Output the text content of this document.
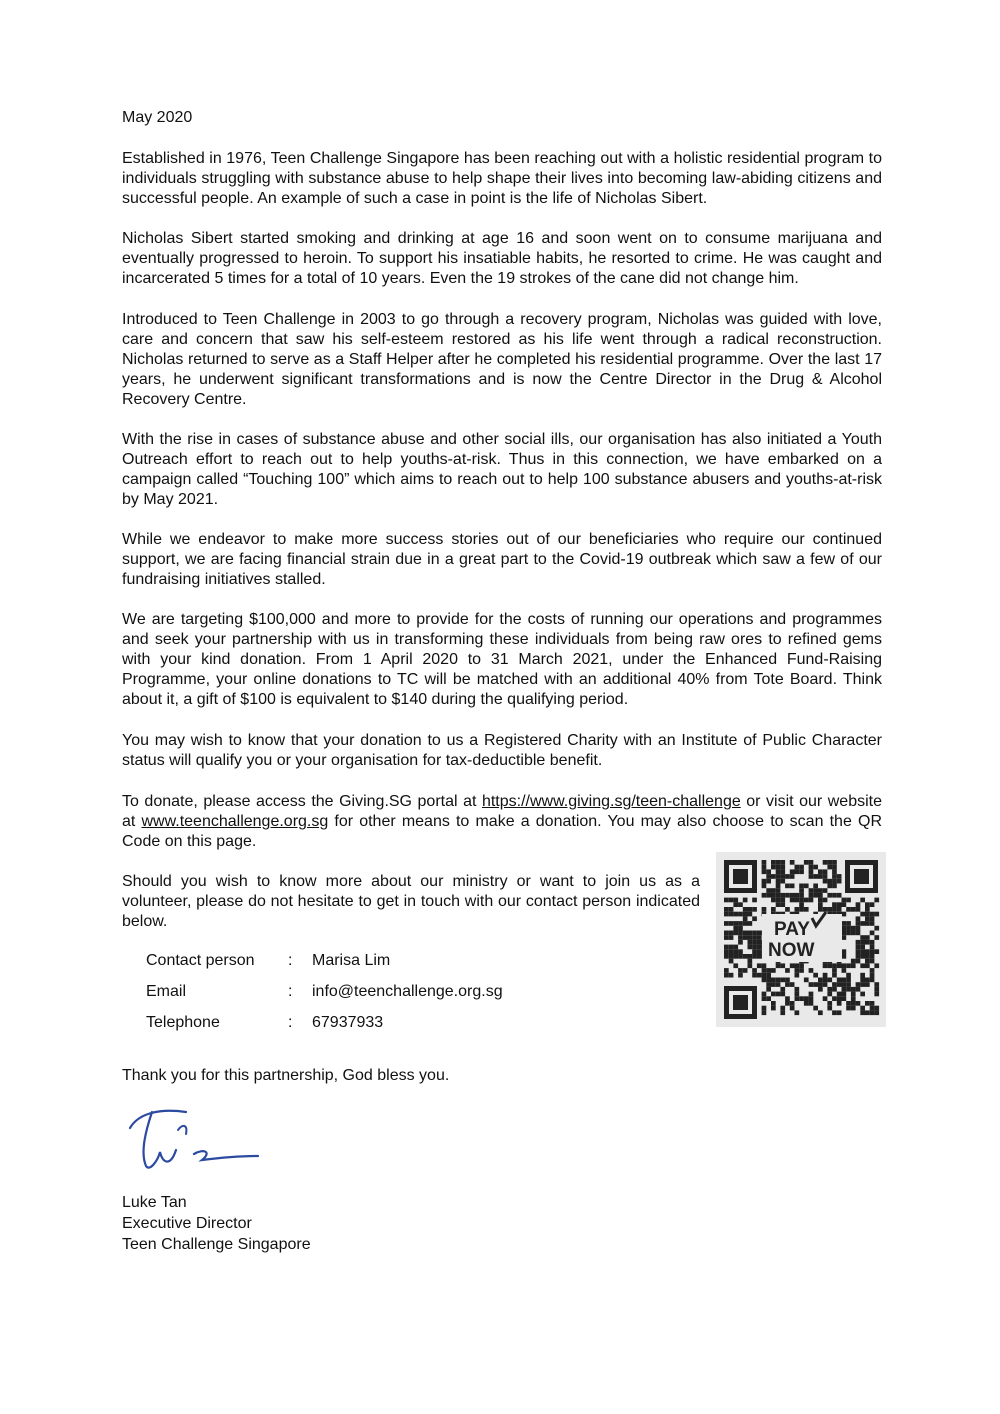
May 2020

Established in 1976, Teen Challenge Singapore has been reaching out with a holistic residential program to individuals struggling with substance abuse to help shape their lives into becoming law-abiding citizens and successful people. An example of such a case in point is the life of Nicholas Sibert.

Nicholas Sibert started smoking and drinking at age 16 and soon went on to consume marijuana and eventually progressed to heroin. To support his insatiable habits, he resorted to crime. He was caught and incarcerated 5 times for a total of 10 years. Even the 19 strokes of the cane did not change him.

Introduced to Teen Challenge in 2003 to go through a recovery program, Nicholas was guided with love, care and concern that saw his self-esteem restored as his life went through a radical reconstruction. Nicholas returned to serve as a Staff Helper after he completed his residential programme. Over the last 17 years, he underwent significant transformations and is now the Centre Director in the Drug & Alcohol Recovery Centre.

With the rise in cases of substance abuse and other social ills, our organisation has also initiated a Youth Outreach effort to reach out to help youths-at-risk. Thus in this connection, we have embarked on a campaign called “Touching 100” which aims to reach out to help 100 substance abusers and youths-at-risk by May 2021.

While we endeavor to make more success stories out of our beneficiaries who require our continued support, we are facing financial strain due in a great part to the Covid-19 outbreak which saw a few of our fundraising initiatives stalled.

We are targeting $100,000 and more to provide for the costs of running our operations and programmes and seek your partnership with us in transforming these individuals from being raw ores to refined gems with your kind donation. From 1 April 2020 to 31 March 2021, under the Enhanced Fund-Raising Programme, your online donations to TC will be matched with an additional 40% from Tote Board. Think about it, a gift of $100 is equivalent to $140 during the qualifying period.

You may wish to know that your donation to us a Registered Charity with an Institute of Public Character status will qualify you or your organisation for tax-deductible benefit.

To donate, please access the Giving.SG portal at https://www.giving.sg/teen-challenge or visit our website at www.teenchallenge.org.sg for other means to make a donation. You may also choose to scan the QR Code on this page.

Should you wish to know more about our ministry or want to join us as a volunteer, please do not hesitate to get in touch with our contact person indicated below.

Contact person	: Marisa Lim
Email	: info@teenchallenge.org.sg
Telephone	: 67937933
PAY
NOW
Thank you for this partnership, God bless you.
Luke Tan
Executive Director
Teen Challenge Singapore
